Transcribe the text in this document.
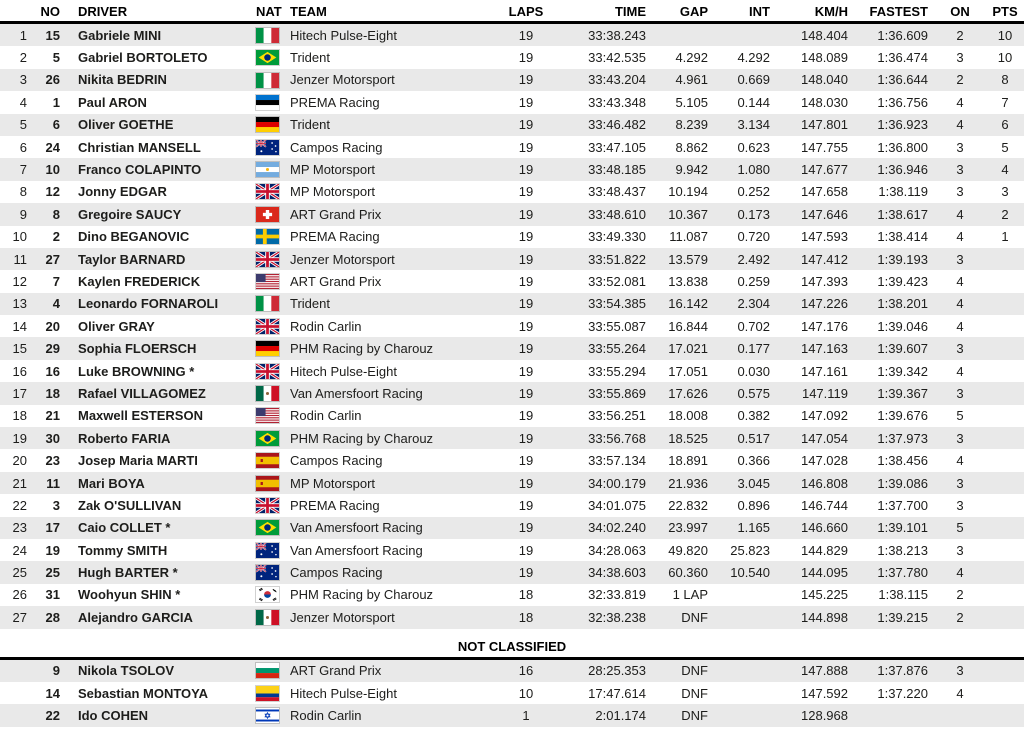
	NO	DRIVER	NAT	TEAM	LAPS	TIME	GAP	INT	KM/H	FASTEST	ON	PTS
1	15	Gabriele MINI		Hitech Pulse-Eight	19	33:38.243			148.404	1:36.609	2	10
2	5	Gabriel BORTOLETO		Trident	19	33:42.535	4.292	4.292	148.089	1:36.474	3	10
3	26	Nikita BEDRIN		Jenzer Motorsport	19	33:43.204	4.961	0.669	148.040	1:36.644	2	8
4	1	Paul ARON		PREMA Racing	19	33:43.348	5.105	0.144	148.030	1:36.756	4	7
5	6	Oliver GOETHE		Trident	19	33:46.482	8.239	3.134	147.801	1:36.923	4	6
6	24	Christian MANSELL		Campos Racing	19	33:47.105	8.862	0.623	147.755	1:36.800	3	5
7	10	Franco COLAPINTO		MP Motorsport	19	33:48.185	9.942	1.080	147.677	1:36.946	3	4
8	12	Jonny EDGAR		MP Motorsport	19	33:48.437	10.194	0.252	147.658	1:38.119	3	3
9	8	Gregoire SAUCY		ART Grand Prix	19	33:48.610	10.367	0.173	147.646	1:38.617	4	2
10	2	Dino BEGANOVIC		PREMA Racing	19	33:49.330	11.087	0.720	147.593	1:38.414	4	1
11	27	Taylor BARNARD		Jenzer Motorsport	19	33:51.822	13.579	2.492	147.412	1:39.193	3	
12	7	Kaylen FREDERICK		ART Grand Prix	19	33:52.081	13.838	0.259	147.393	1:39.423	4	
13	4	Leonardo FORNAROLI		Trident	19	33:54.385	16.142	2.304	147.226	1:38.201	4	
14	20	Oliver GRAY		Rodin Carlin	19	33:55.087	16.844	0.702	147.176	1:39.046	4	
15	29	Sophia FLOERSCH		PHM Racing by Charouz	19	33:55.264	17.021	0.177	147.163	1:39.607	3	
16	16	Luke BROWNING *		Hitech Pulse-Eight	19	33:55.294	17.051	0.030	147.161	1:39.342	4	
17	18	Rafael VILLAGOMEZ		Van Amersfoort Racing	19	33:55.869	17.626	0.575	147.119	1:39.367	3	
18	21	Maxwell ESTERSON		Rodin Carlin	19	33:56.251	18.008	0.382	147.092	1:39.676	5	
19	30	Roberto FARIA		PHM Racing by Charouz	19	33:56.768	18.525	0.517	147.054	1:37.973	3	
20	23	Josep Maria MARTI		Campos Racing	19	33:57.134	18.891	0.366	147.028	1:38.456	4	
21	11	Mari BOYA		MP Motorsport	19	34:00.179	21.936	3.045	146.808	1:39.086	3	
22	3	Zak O'SULLIVAN		PREMA Racing	19	34:01.075	22.832	0.896	146.744	1:37.700	3	
23	17	Caio COLLET *		Van Amersfoort Racing	19	34:02.240	23.997	1.165	146.660	1:39.101	5	
24	19	Tommy SMITH		Van Amersfoort Racing	19	34:28.063	49.820	25.823	144.829	1:38.213	3	
25	25	Hugh BARTER *		Campos Racing	19	34:38.603	60.360	10.540	144.095	1:37.780	4	
26	31	Woohyun SHIN *		PHM Racing by Charouz	18	32:33.819	1 LAP		145.225	1:38.115	2	
27	28	Alejandro GARCIA		Jenzer Motorsport	18	32:38.238	DNF		144.898	1:39.215	2	
NOT CLASSIFIED
	9	Nikola TSOLOV		ART Grand Prix	16	28:25.353	DNF		147.888	1:37.876	3	
	14	Sebastian MONTOYA		Hitech Pulse-Eight	10	17:47.614	DNF		147.592	1:37.220	4	
	22	Ido COHEN		Rodin Carlin	1	2:01.174	DNF		128.968			
